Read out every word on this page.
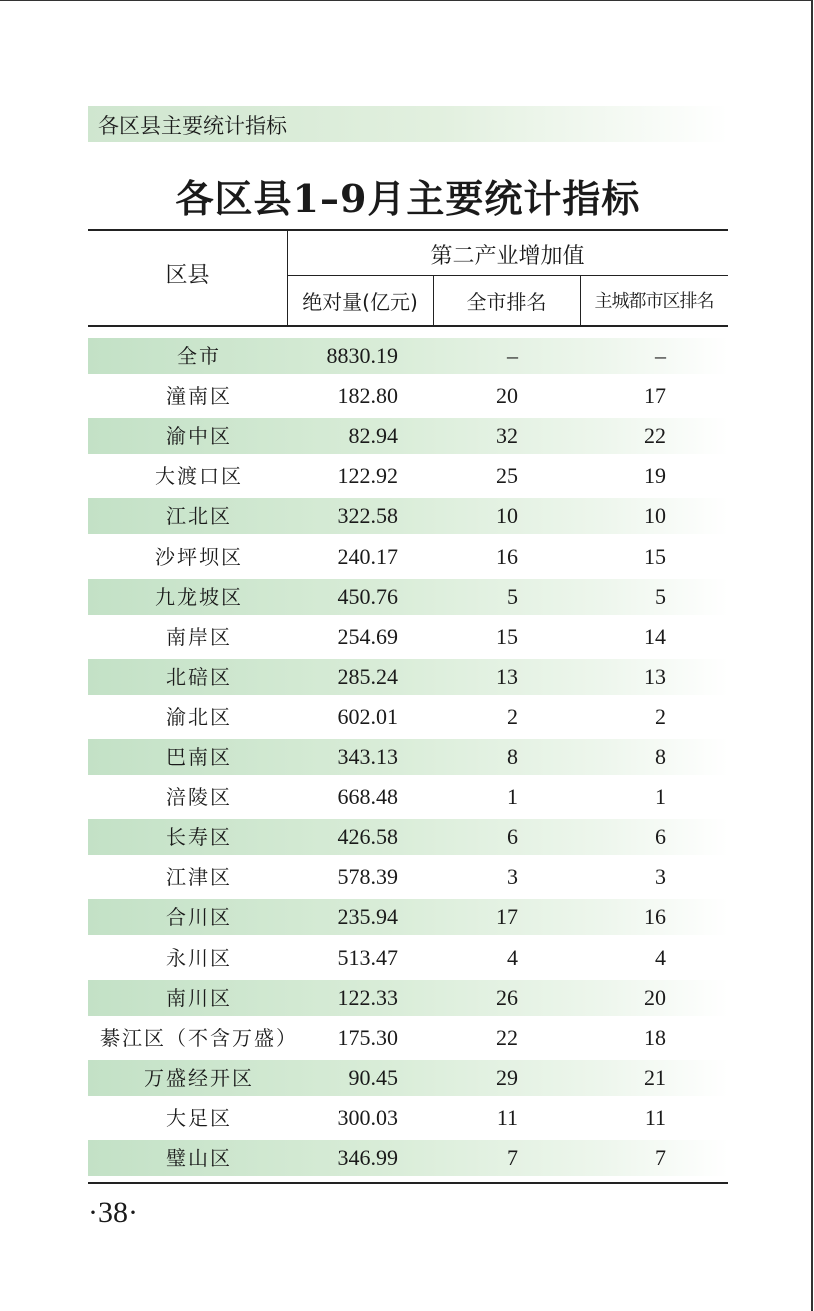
各区县主要统计指标
各区县1–9月主要统计指标
区县
第二产业增加值
绝对量(亿元)	全市排名	主城都市区排名
全市	8830.19	–	–
潼南区	182.80	20	17
渝中区	82.94	32	22
大渡口区	122.92	25	19
江北区	322.58	10	10
沙坪坝区	240.17	16	15
九龙坡区	450.76	5	5
南岸区	254.69	15	14
北碚区	285.24	13	13
渝北区	602.01	2	2
巴南区	343.13	8	8
涪陵区	668.48	1	1
长寿区	426.58	6	6
江津区	578.39	3	3
合川区	235.94	17	16
永川区	513.47	4	4
南川区	122.33	26	20
綦江区（不含万盛）	175.30	22	18
万盛经开区	90.45	29	21
大足区	300.03	11	11
璧山区	346.99	7	7
·38·
